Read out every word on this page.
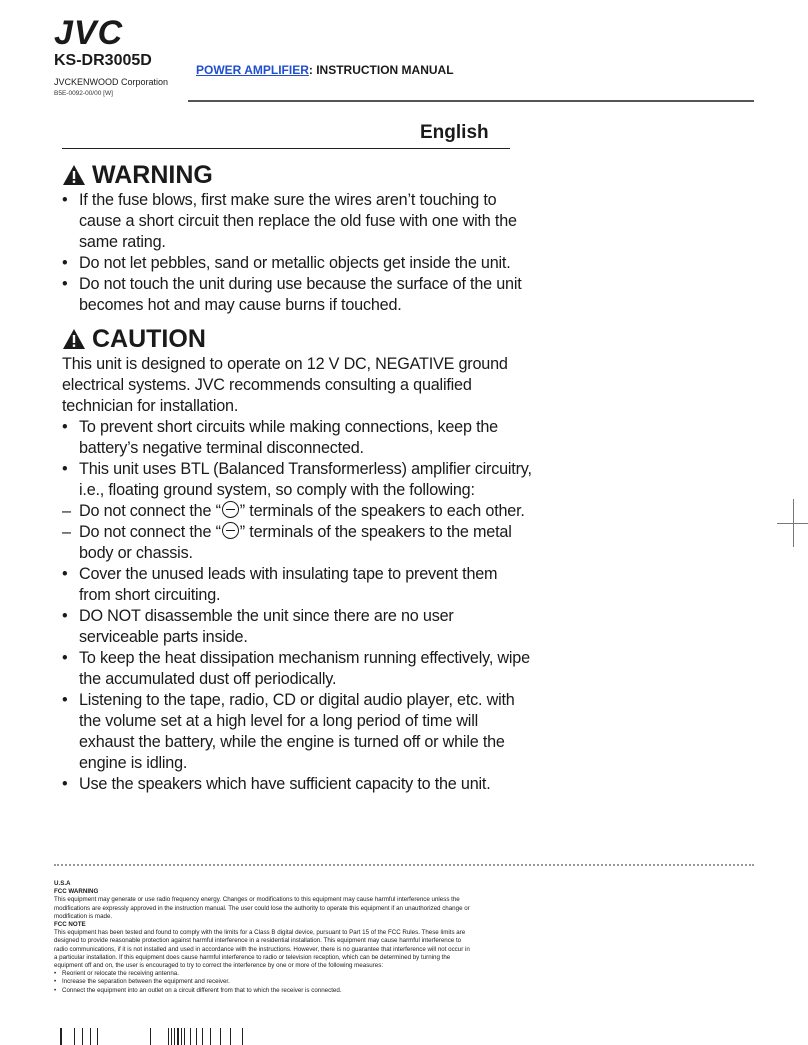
JVC
KS-DR3005D
JVCKENWOOD Corporation
B5E-0092-00/00 [W]
POWER AMPLIFIER: INSTRUCTION MANUAL
English
WARNING
• If the fuse blows, first make sure the wires aren’t touching to cause a short circuit then replace the old fuse with one with the same rating.
• Do not let pebbles, sand or metallic objects get inside the unit.
• Do not touch the unit during use because the surface of the unit becomes hot and may cause burns if touched.
CAUTION
This unit is designed to operate on 12 V DC, NEGATIVE ground electrical systems. JVC recommends consulting a qualified technician for installation.
• To prevent short circuits while making connections, keep the battery’s negative terminal disconnected.
• This unit uses BTL (Balanced Transformerless) amplifier circuitry, i.e., floating ground system, so comply with the following:
– Do not connect the “ ” terminals of the speakers to each other.
– Do not connect the “ ” terminals of the speakers to the metal body or chassis.
• Cover the unused leads with insulating tape to prevent them from short circuiting.
• DO NOT disassemble the unit since there are no user serviceable parts inside.
• To keep the heat dissipation mechanism running effectively, wipe the accumulated dust off periodically.
• Listening to the tape, radio, CD or digital audio player, etc. with the volume set at a high level for a long period of time will exhaust the battery, while the engine is turned off or while the engine is idling.
• Use the speakers which have sufficient capacity to the unit.
U.S.A
FCC WARNING
This equipment may generate or use radio frequency energy. Changes or modifications to this equipment may cause harmful interference unless the modifications are expressly approved in the instruction manual. The user could lose the authority to operate this equipment if an unauthorized change or modification is made.
FCC NOTE
This equipment has been tested and found to comply with the limits for a Class B digital device, pursuant to Part 15 of the FCC Rules. These limits are designed to provide reasonable protection against harmful interference in a residential installation. This equipment may cause harmful interference to radio communications, if it is not installed and used in accordance with the instructions. However, there is no guarantee that interference will not occur in a particular installation. If this equipment does cause harmful interference to radio or television reception, which can be determined by turning the equipment off and on, the user is encouraged to try to correct the interference by one or more of the following measures:
• Reorient or relocate the receiving antenna.
• Increase the separation between the equipment and receiver.
• Connect the equipment into an outlet on a circuit different from that to which the receiver is connected.
